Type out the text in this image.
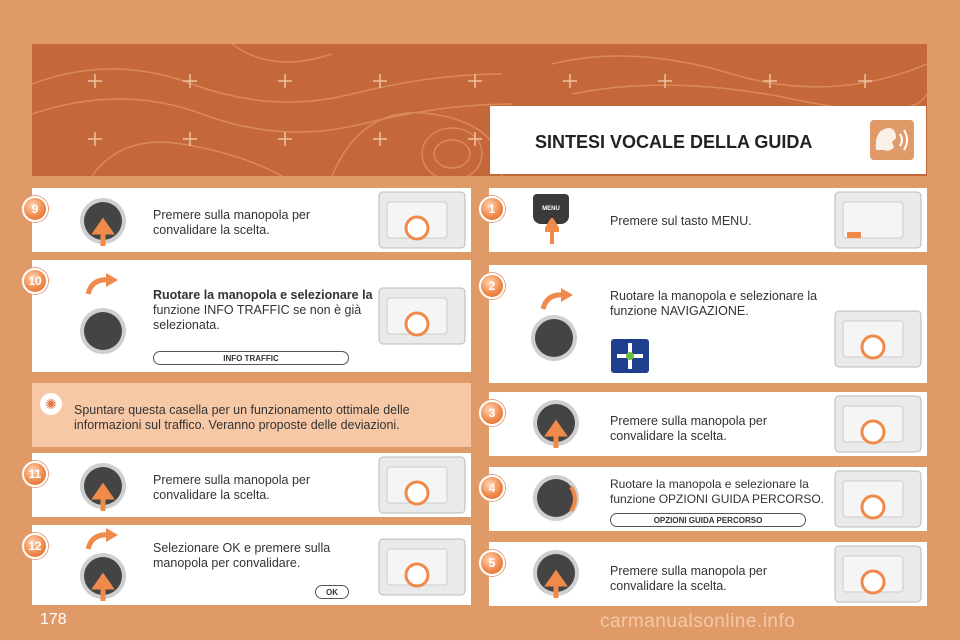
SINTESI VOCALE DELLA GUIDA
9	Premere sulla manopola per
convalidare la scelta.
10
Ruotare la manopola e selezionare la
funzione INFO TRAFFIC se non è già
selezionata.
INFO TRAFFIC
✺	Spuntare questa casella per un funzionamento ottimale delle
informazioni sul traffico. Veranno proposte delle deviazioni.
11	Premere sulla manopola per
convalidare la scelta.
12	Selezionare OK e premere sulla
manopola per convalidare.
OK
1	MENU
Premere sul tasto MENU.
2
Ruotare la manopola e selezionare la
funzione NAVIGAZIONE.
3
Premere sulla manopola per
convalidare la scelta.
4	Ruotare la manopola e selezionare la
funzione OPZIONI GUIDA PERCORSO.
OPZIONI GUIDA PERCORSO
5
Premere sulla manopola per
convalidare la scelta.
178	carmanualsonline.info
